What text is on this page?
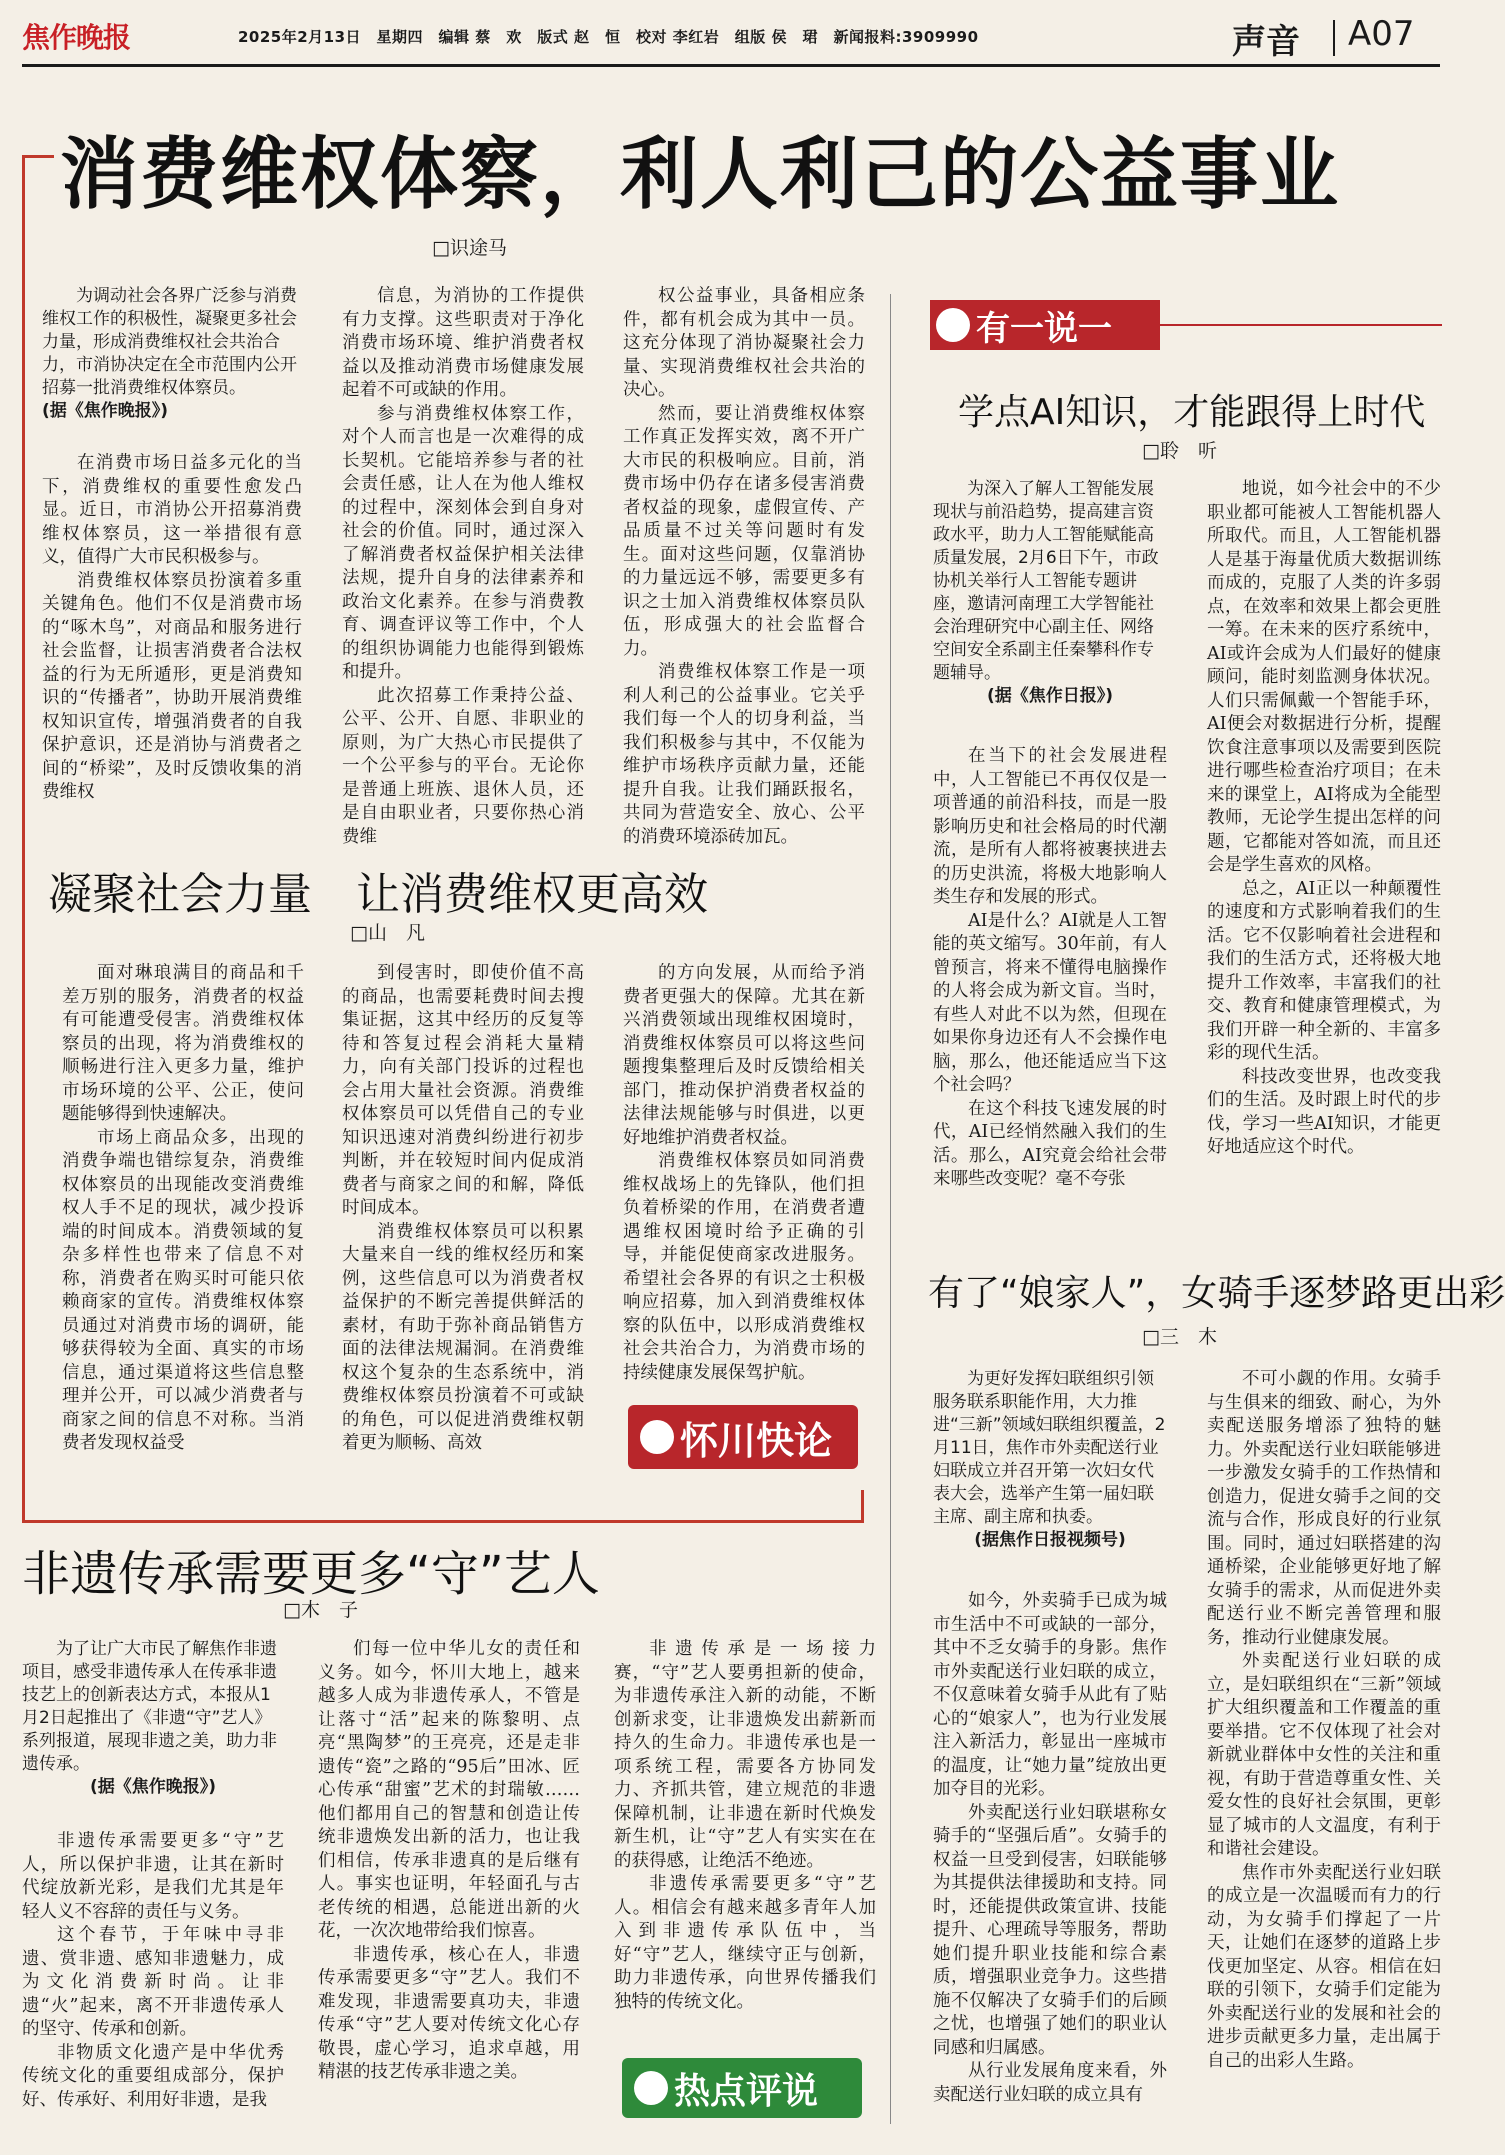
焦作晚报	2025年2月13日　星期四　编辑 蔡　欢　版式 赵　恒　校对 李红岩　组版 侯　珺　新闻报料:3909990	声音 A07
消费维权体察，利人利己的公益事业
□识途马

为调动社会各界广泛参与消费维权工作的积极性，凝聚更多社会力量，形成消费维权社会共治合力，市消协决定在全市范围内公开招募一批消费维权体察员。

(据《焦作晚报》)

在消费市场日益多元化的当下，消费维权的重要性愈发凸显。近日，市消协公开招募消费维权体察员，这一举措很有意义，值得广大市民积极参与。

消费维权体察员扮演着多重关键角色。他们不仅是消费市场的“啄木鸟”，对商品和服务进行社会监督，让损害消费者合法权益的行为无所遁形，更是消费知识的“传播者”，协助开展消费维权知识宣传，增强消费者的自我保护意识，还是消协与消费者之间的“桥梁”，及时反馈收集的消费维权

信息，为消协的工作提供有力支撑。这些职责对于净化消费市场环境、维护消费者权益以及推动消费市场健康发展起着不可或缺的作用。

参与消费维权体察工作，对个人而言也是一次难得的成长契机。它能培养参与者的社会责任感，让人在为他人维权的过程中，深刻体会到自身对社会的价值。同时，通过深入了解消费者权益保护相关法律法规，提升自身的法律素养和政治文化素养。在参与消费教育、调查评议等工作中，个人的组织协调能力也能得到锻炼和提升。

此次招募工作秉持公益、公平、公开、自愿、非职业的原则，为广大热心市民提供了一个公平参与的平台。无论你是普通上班族、退休人员，还是自由职业者，只要你热心消费维

权公益事业，具备相应条件，都有机会成为其中一员。这充分体现了消协凝聚社会力量、实现消费维权社会共治的决心。

然而，要让消费维权体察工作真正发挥实效，离不开广大市民的积极响应。目前，消费市场中仍存在诸多侵害消费者权益的现象，虚假宣传、产品质量不过关等问题时有发生。面对这些问题，仅靠消协的力量远远不够，需要更多有识之士加入消费维权体察员队伍，形成强大的社会监督合力。

消费维权体察工作是一项利人利己的公益事业。它关乎我们每一个人的切身利益，当我们积极参与其中，不仅能为维护市场秩序贡献力量，还能提升自我。让我们踊跃报名，共同为营造安全、放心、公平的消费环境添砖加瓦。

凝聚社会力量　让消费维权更高效
□山　凡

面对琳琅满目的商品和千差万别的服务，消费者的权益有可能遭受侵害。消费维权体察员的出现，将为消费维权的顺畅进行注入更多力量，维护市场环境的公平、公正，使问题能够得到快速解决。

市场上商品众多，出现的消费争端也错综复杂，消费维权体察员的出现能改变消费维权人手不足的现状，减少投诉端的时间成本。消费领域的复杂多样性也带来了信息不对称，消费者在购买时可能只依赖商家的宣传。消费维权体察员通过对消费市场的调研，能够获得较为全面、真实的市场信息，通过渠道将这些信息整理并公开，可以减少消费者与商家之间的信息不对称。当消费者发现权益受

到侵害时，即使价值不高的商品，也需要耗费时间去搜集证据，这其中经历的反复等待和答复过程会消耗大量精力，向有关部门投诉的过程也会占用大量社会资源。消费维权体察员可以凭借自己的专业知识迅速对消费纠纷进行初步判断，并在较短时间内促成消费者与商家之间的和解，降低时间成本。

消费维权体察员可以积累大量来自一线的维权经历和案例，这些信息可以为消费者权益保护的不断完善提供鲜活的素材，有助于弥补商品销售方面的法律法规漏洞。在消费维权这个复杂的生态系统中，消费维权体察员扮演着不可或缺的角色，可以促进消费维权朝着更为顺畅、高效

的方向发展，从而给予消费者更强大的保障。尤其在新兴消费领域出现维权困境时，消费维权体察员可以将这些问题搜集整理后及时反馈给相关部门，推动保护消费者权益的法律法规能够与时俱进，以更好地维护消费者权益。

消费维权体察员如同消费维权战场上的先锋队，他们担负着桥梁的作用，在消费者遭遇维权困境时给予正确的引导，并能促使商家改进服务。希望社会各界的有识之士积极响应招募，加入到消费维权体察的队伍中，以形成消费维权社会共治合力，为消费市场的持续健康发展保驾护航。

怀川快论
非遗传承需要更多“守”艺人
□木　子

为了让广大市民了解焦作非遗项目，感受非遗传承人在传承非遗技艺上的创新表达方式，本报从1月2日起推出了《非遗“守”艺人》系列报道，展现非遗之美，助力非遗传承。

(据《焦作晚报》)

非遗传承需要更多“守”艺人，所以保护非遗，让其在新时代绽放新光彩，是我们尤其是年轻人义不容辞的责任与义务。

这个春节，于年味中寻非遗、赏非遗、感知非遗魅力，成为文化消费新时尚。让非遗“火”起来，离不开非遗传承人的坚守、传承和创新。

非物质文化遗产是中华优秀传统文化的重要组成部分，保护好、传承好、利用好非遗，是我

们每一位中华儿女的责任和义务。如今，怀川大地上，越来越多人成为非遗传承人，不管是让落寸“活”起来的陈黎明、点亮“黑陶梦”的王亮亮，还是走非遗传“瓷”之路的“95后”田冰、匠心传承“甜蜜”艺术的封瑞敏……他们都用自己的智慧和创造让传统非遗焕发出新的活力，也让我们相信，传承非遗真的是后继有人。事实也证明，年轻面孔与古老传统的相遇，总能迸出新的火花，一次次地带给我们惊喜。

非遗传承，核心在人，非遗传承需要更多“守”艺人。我们不难发现，非遗需要真功夫，非遗传承“守”艺人要对传统文化心存敬畏，虚心学习，追求卓越，用精湛的技艺传承非遗之美。

非遗传承是一场接力赛，“守”艺人要勇担新的使命，为非遗传承注入新的动能，不断创新求变，让非遗焕发出薪新而持久的生命力。非遗传承也是一项系统工程，需要各方协同发力、齐抓共管，建立规范的非遗保障机制，让非遗在新时代焕发新生机，让“守”艺人有实实在在的获得感，让绝活不绝迹。

非遗传承需要更多“守”艺人。相信会有越来越多青年人加入到非遗传承队伍中，当好“守”艺人，继续守正与创新，助力非遗传承，向世界传播我们独特的传统文化。

热点评说
有一说一
学点AI知识，才能跟得上时代
□聆　听

为深入了解人工智能发展现状与前沿趋势，提高建言资政水平，助力人工智能赋能高质量发展，2月6日下午，市政协机关举行人工智能专题讲座，邀请河南理工大学智能社会治理研究中心副主任、网络空间安全系副主任秦攀科作专题辅导。

(据《焦作日报》)

在当下的社会发展进程中，人工智能已不再仅仅是一项普通的前沿科技，而是一股影响历史和社会格局的时代潮流，是所有人都将被裹挟进去的历史洪流，将极大地影响人类生存和发展的形式。

AI是什么？AI就是人工智能的英文缩写。30年前，有人曾预言，将来不懂得电脑操作的人将会成为新文盲。当时，有些人对此不以为然，但现在如果你身边还有人不会操作电脑，那么，他还能适应当下这个社会吗？

在这个科技飞速发展的时代，AI已经悄然融入我们的生活。那么，AI究竟会给社会带来哪些改变呢？毫不夸张

地说，如今社会中的不少职业都可能被人工智能机器人所取代。而且，人工智能机器人是基于海量优质大数据训练而成的，克服了人类的许多弱点，在效率和效果上都会更胜一筹。在未来的医疗系统中，AI或许会成为人们最好的健康顾问，能时刻监测身体状况。人们只需佩戴一个智能手环，AI便会对数据进行分析，提醒饮食注意事项以及需要到医院进行哪些检查治疗项目；在未来的课堂上，AI将成为全能型教师，无论学生提出怎样的问题，它都能对答如流，而且还会是学生喜欢的风格。

总之，AI正以一种颠覆性的速度和方式影响着我们的生活。它不仅影响着社会进程和我们的生活方式，还将极大地提升工作效率，丰富我们的社交、教育和健康管理模式，为我们开辟一种全新的、丰富多彩的现代生活。

科技改变世界，也改变我们的生活。及时跟上时代的步伐，学习一些AI知识，才能更好地适应这个时代。

有了“娘家人”，女骑手逐梦路更出彩
□三　木

为更好发挥妇联组织引领服务联系职能作用，大力推进“三新”领域妇联组织覆盖，2月11日，焦作市外卖配送行业妇联成立并召开第一次妇女代表大会，选举产生第一届妇联主席、副主席和执委。

(据焦作日报视频号)

如今，外卖骑手已成为城市生活中不可或缺的一部分，其中不乏女骑手的身影。焦作市外卖配送行业妇联的成立，不仅意味着女骑手从此有了贴心的“娘家人”，也为行业发展注入新活力，彰显出一座城市的温度，让“她力量”绽放出更加夺目的光彩。

外卖配送行业妇联堪称女骑手的“坚强后盾”。女骑手的权益一旦受到侵害，妇联能够为其提供法律援助和支持。同时，还能提供政策宣讲、技能提升、心理疏导等服务，帮助她们提升职业技能和综合素质，增强职业竞争力。这些措施不仅解决了女骑手们的后顾之忧，也增强了她们的职业认同感和归属感。

从行业发展角度来看，外卖配送行业妇联的成立具有

不可小觑的作用。女骑手与生俱来的细致、耐心，为外卖配送服务增添了独特的魅力。外卖配送行业妇联能够进一步激发女骑手的工作热情和创造力，促进女骑手之间的交流与合作，形成良好的行业氛围。同时，通过妇联搭建的沟通桥梁，企业能够更好地了解女骑手的需求，从而促进外卖配送行业不断完善管理和服务，推动行业健康发展。

外卖配送行业妇联的成立，是妇联组织在“三新”领域扩大组织覆盖和工作覆盖的重要举措。它不仅体现了社会对新就业群体中女性的关注和重视，有助于营造尊重女性、关爱女性的良好社会氛围，更彰显了城市的人文温度，有利于和谐社会建设。

焦作市外卖配送行业妇联的成立是一次温暖而有力的行动，为女骑手们撑起了一片天，让她们在逐梦的道路上步伐更加坚定、从容。相信在妇联的引领下，女骑手们定能为外卖配送行业的发展和社会的进步贡献更多力量，走出属于自己的出彩人生路。
